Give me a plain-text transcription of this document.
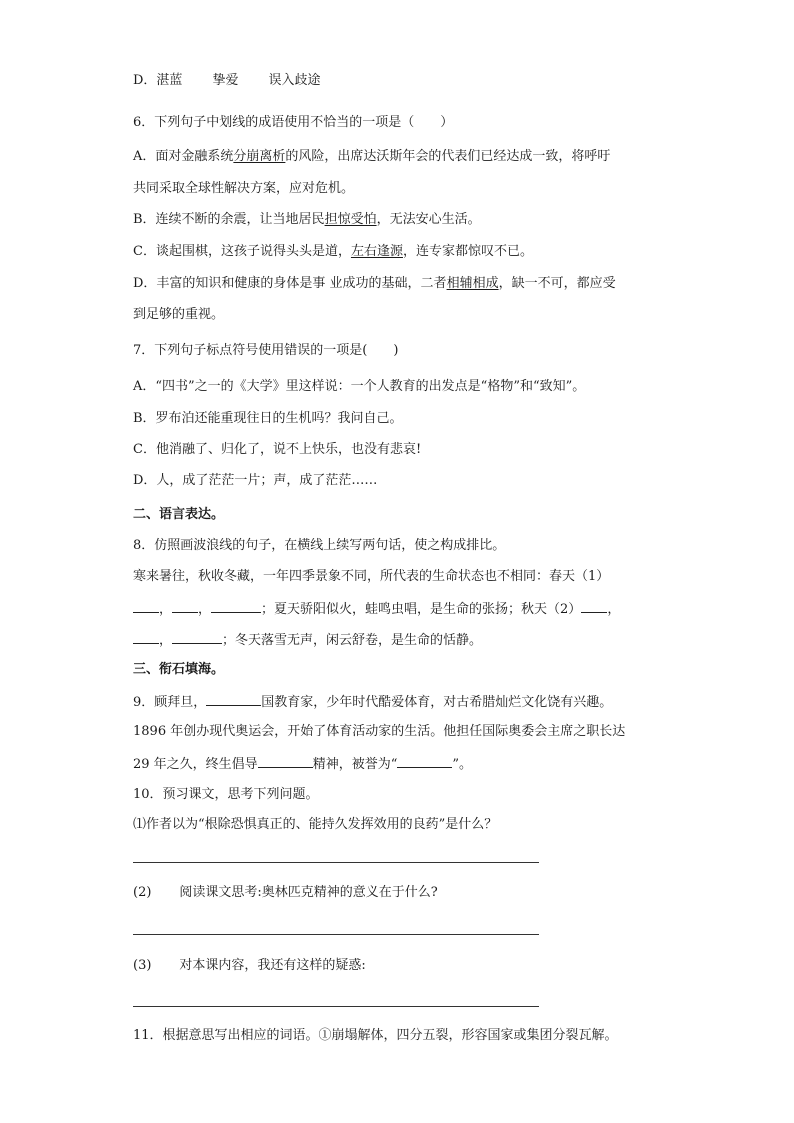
D．湛蓝 挚爱 误入歧途
6．下列句子中划线的成语使用不恰当的一项是（　　）
A．面对金融系统分崩离析的风险，出席达沃斯年会的代表们已经达成一致，将呼吁
共同采取全球性解决方案，应对危机。
B．连续不断的余震，让当地居民担惊受怕，无法安心生活。
C．谈起围棋，这孩子说得头头是道，左右逢源，连专家都惊叹不已。
D．丰富的知识和健康的身体是事 业成功的基础，二者相辅相成，缺一不可，都应受
到足够的重视。
7．下列句子标点符号使用错误的一项是(　　)
A．“四书”之一的《大学》里这样说：一个人教育的出发点是“格物”和“致知”。
B．罗布泊还能重现往日的生机吗？我问自己。
C．他消融了、归化了，说不上快乐，也没有悲哀!
D．人，成了茫茫一片；声，成了茫茫……
二、语言表达。
8．仿照画波浪线的句子，在横线上续写两句话，使之构成排比。
寒来暑往，秋收冬藏，一年四季景象不同，所代表的生命状态也不相同：春天（1）
， ，	；夏天骄阳似火，蛙鸣虫唱，是生命的张扬；秋天（2） ，
，	；冬天落雪无声，闲云舒卷，是生命的恬静。
三、衔石填海。
9．顾拜旦，	国教育家，少年时代酷爱体育，对古希腊灿烂文化饶有兴趣。
1896 年创办现代奥运会，开始了体育活动家的生活。他担任国际奥委会主席之职长达
29 年之久，终生倡导	精神，被誉为“	”。
10．预习课文，思考下列问题。
⑴作者以为“根除恐惧真正的、能持久发挥效用的良药”是什么？
(2) 阅读课文思考:奥林匹克精神的意义在于什么?
(3) 对本课内容，我还有这样的疑惑:
11．根据意思写出相应的词语。①崩塌解体，四分五裂，形容国家或集团分裂瓦解。
